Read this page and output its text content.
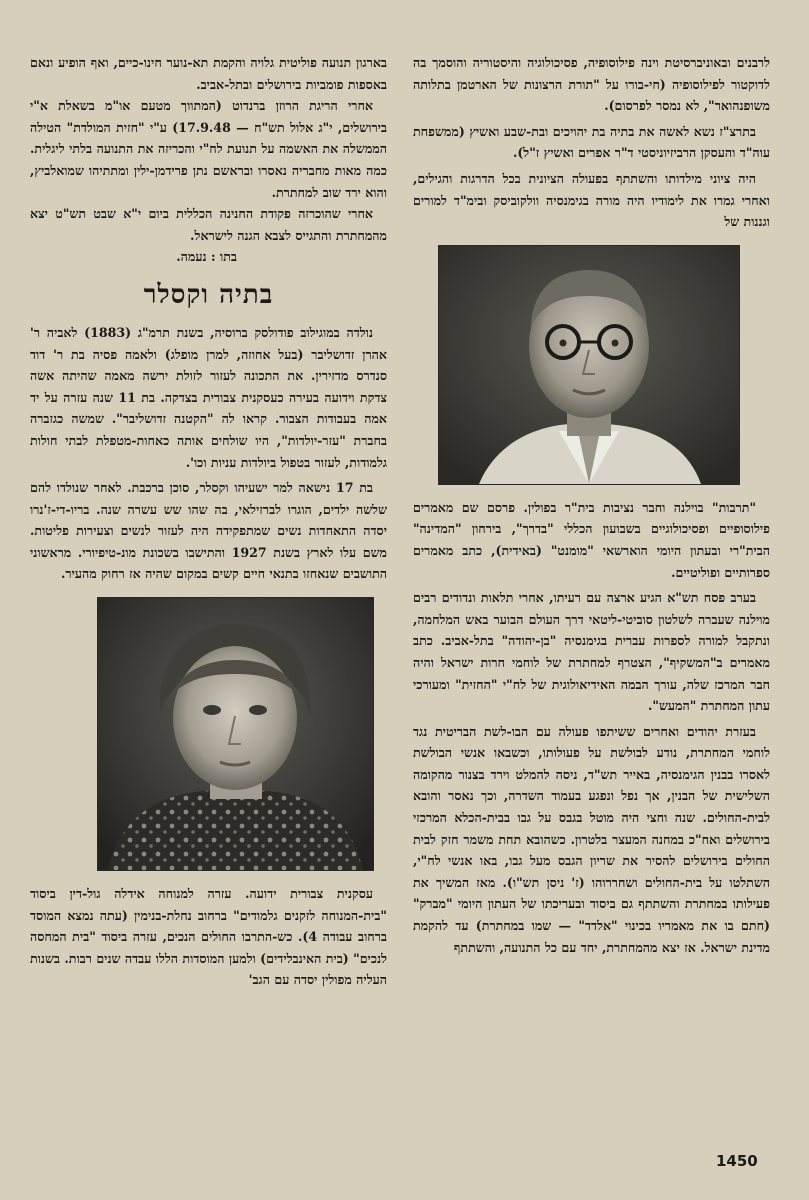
לרבנים ובאוניברסיטת וינה פילוסופיה, פסיכולוגיה והיסטוריה והוסמך בה לדוקטור לפילוסופיה (חי-בורו על "תורת הרצונות של הארטמן בתלותה משופנהואר", לא נמסר לפרסום).

בתרצ"ז נשא לאשה את בתיה בת יהויכים ובת-שבע ואשיץ (ממשפחת עוה"ד והעסקן הרביזיוניסטי ד"ר אפרים ואשיץ ז"ל).

היה ציוני מילדותו והשתתף בפעולה הציונית בכל הדרגות והגילים, ואחרי גמרו את לימודיו היה מורה בגימנסיה וולקוביסק ובימ"ד למורים וגננות של

"תרבות" בוילנה וחבר נציבות בית"ר בפולין. פרסם שם מאמרים פילוסופיים ופסיכולוגיים בשבועון הכללי "בדרך", בירחון "המדינה" הבית"רי ובעתון היומי הוארשאי "מומנט" (באידית), כתב מאמרים ספרותיים ופוליטיים.

בערב פסח תש"א הגיע ארצה עם רעיתו, אחרי תלאות ונדודים רבים מוילנה שעברה לשלטון סוביטי-ליטאי דרך העולם הבוער באש המלחמה, ונתקבל למורה לספרות עברית בגימנסיה "בן-יהודה" בתל-אביב. כתב מאמרים ב"המשקיף", הצטרף למחתרת של לוחמי חרות ישראל והיה חבר המרכז שלה, עורך הבמה האידיאולוגית של לח"י "החזית" ומעורכי עתון המחתרת "המעש".

בעזרת יהודים ואחרים ששיתפו פעולה עם הבו-לשת הבריטית נגד לוחמי המחתרת, נודע לבולשת על פעולותו, וכשבאו אנשי הבולשת לאסרו בבנין הגימנסיה, באייר תש"ד, ניסה להמלט וירד בצנור מהקומה השלישית של הבנין, אך נפל ונפגע בעמוד השדרה, וכך נאסר והובא לבית-החולים. שנה וחצי היה מוטל בגבס על גבו בבית-הכלא המרכזי בירושלים ואח"כ במחנה המעצר בלטרון. כשהובא תחת משמר חזק לבית החולים בירושלים להסיר את שריון הגבס מעל גבו, באו אנשי לח"י, השתלטו על בית-החולים ושחררוהו (ז' ניסן תש"ו). מאז המשיך את פעילותו במחתרת והשתתף גם ביסוד ובעריכתו של העתון היומי "מברק" (חתם בו את מאמריו בכינוי "אלדד" — שמו במחתרת) עד להקמת מדינת ישראל. אז יצא מהמחתרת, יחד עם כל התנועה, והשתתף

בארגון תנועה פוליטית גלויה והקמת תא-נוער חינו-כיים, ואף הופיע ונאם באספות פומביות בירושלים ובתל-אביב.

אחרי הריגת הרוזן ברנדוט (המתווך מטעם או"מ בשאלת א"י בירושלים, י"ג אלול תש"ח — 17.9.48) ע"י "חזית המולדת" הטילה הממשלה את האשמה על תנועת לח"י והכריזה את התנועה בלתי ליגלית. כמה מאות מחבריה נאסרו ובראשם נתן פרידמן-ילין ומתתיהו שמואלביץ, והוא ירד שוב למחתרת.

אחרי שהוכרזה פקודת החנינה הכללית ביום י"א שבט תש"ט יצא מהמחתרת והתגייס לצבא הגנה לישראל.

בתו : נעמה.

בתיה וקסלר

נולדה במוגילוב פודולסק ברוסיה, בשנת תרמ"ג (1883) לאביה ר' אהרן זדושליבר (בעל אחוזה, למרן מופלג) ולאמה פסיה בת ר' דוד סנדרס מדזירין. את התכונה לעזור לזולת ירשה מאמה שהיתה אשה צדקת וידועה בעירה כעסקנית צבורית בצדקה. בת 11 שנה עזרה על יד אמה בעבודות הצבור. קראו לה "הקטנה זדושליבר". שמשה כגזברה בחברת "עזר-יולדות", היו שולחים אותה כאחות-מטפלת לבתי חולות גלמודות, לעזור בטפול ביולדות עניות וכו'.

בת 17 נישאה למר ישעיהו וקסלר, סוכן ברכבת. לאחר שנולדו להם שלשה ילדים, הוגרו לברזילאי, בה שהו שש עשרה שנה. בריו-די-ז'נרו יסדה התאחדות נשים שמתפקידה היה לעזור לנשים וצעירות פליטות. משם עלו לארץ בשנת 1927 והתישבו בשכונת מונ-טיפיורי. מראשוני התושבים שנאחזו בתנאי חיים קשים במקום שהיה אז רחוק מהעיר.

עסקנית צבורית ידועה. עזרה למנוחה אידלה גול-דין ביסוד "בית-המנוחה לזקנים גלמודים" ברחוב נחלת-בנימין (עתה נמצא המוסד ברחוב עבודה 4). כש-התרבו החולים הנכים, עזרה ביסוד "בית המחסה לנכים" (בית האינבלידים) ולמען המוסדות הללו עבדה שנים רבות. בשנות העליה מפולין יסדה עם הגב'

1450
